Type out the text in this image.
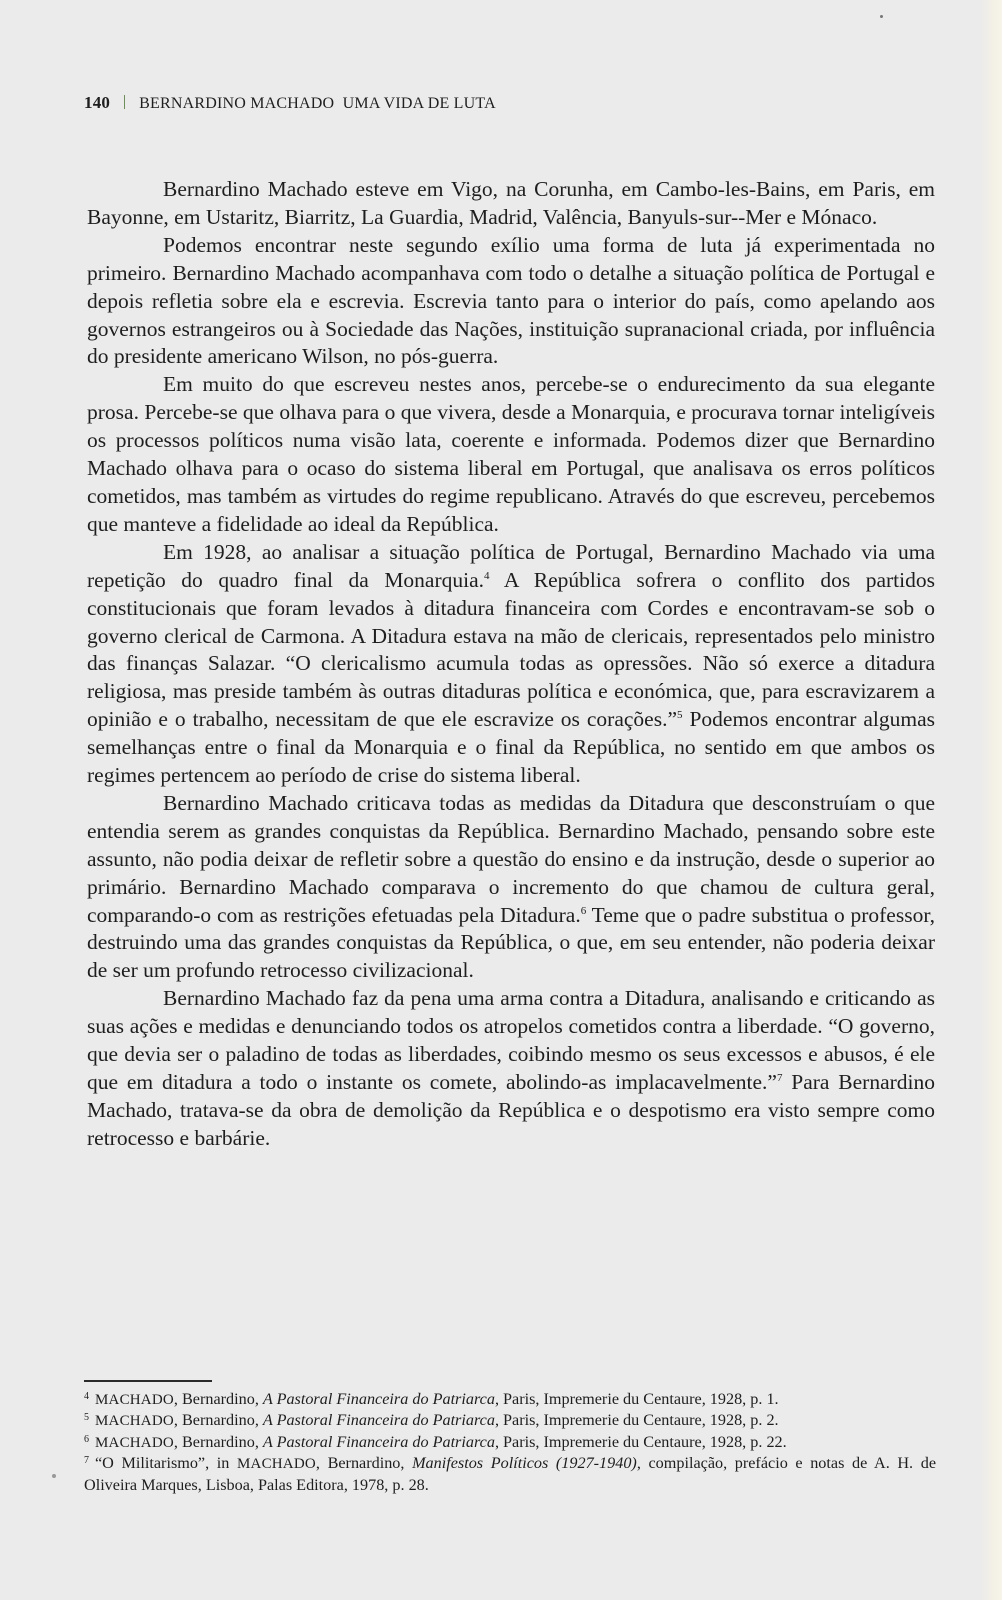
140 BERNARDINO MACHADO  UMA VIDA DE LUTA

Bernardino Machado esteve em Vigo, na Corunha, em Cambo-les-Bains, em Paris, em Bayonne, em Ustaritz, Biarritz, La Guardia, Madrid, Valência, Banyuls-sur--Mer e Mónaco.

Podemos encontrar neste segundo exílio uma forma de luta já experimentada no primeiro. Bernardino Machado acompanhava com todo o detalhe a situação política de Portugal e depois refletia sobre ela e escrevia. Escrevia tanto para o interior do país, como apelando aos governos estrangeiros ou à Sociedade das Nações, instituição supranacional criada, por influência do presidente americano Wilson, no pós-guerra.

Em muito do que escreveu nestes anos, percebe-se o endurecimento da sua elegante prosa. Percebe-se que olhava para o que vivera, desde a Monarquia, e procurava tornar inteligíveis os processos políticos numa visão lata, coerente e informada. Podemos dizer que Bernardino Machado olhava para o ocaso do sistema liberal em Portugal, que analisava os erros políticos cometidos, mas também as virtudes do regime republicano. Através do que escreveu, percebemos que manteve a fidelidade ao ideal da República.

Em 1928, ao analisar a situação política de Portugal, Bernardino Machado via uma repetição do quadro final da Monarquia.$^4$ A República sofrera o conflito dos partidos constitucionais que foram levados à ditadura financeira com Cordes e encontravam-se sob o governo clerical de Carmona. A Ditadura estava na mão de clericais, representados pelo ministro das finanças Salazar. “O clericalismo acumula todas as opressões. Não só exerce a ditadura religiosa, mas preside também às outras ditaduras política e económica, que, para escravizarem a opinião e o trabalho, necessitam de que ele escravize os corações.”$^5$ Podemos encontrar algumas semelhanças entre o final da Monarquia e o final da República, no sentido em que ambos os regimes pertencem ao período de crise do sistema liberal.

Bernardino Machado criticava todas as medidas da Ditadura que desconstruíam o que entendia serem as grandes conquistas da República. Bernardino Machado, pensando sobre este assunto, não podia deixar de refletir sobre a questão do ensino e da instrução, desde o superior ao primário. Bernardino Machado comparava o incremento do que chamou de cultura geral, comparando-o com as restrições efetuadas pela Ditadura.$^6$ Teme que o padre substitua o professor, destruindo uma das grandes conquistas da República, o que, em seu entender, não poderia deixar de ser um profundo retrocesso civilizacional.

Bernardino Machado faz da pena uma arma contra a Ditadura, analisando e criticando as suas ações e medidas e denunciando todos os atropelos cometidos contra a liberdade. “O governo, que devia ser o paladino de todas as liberdades, coibindo mesmo os seus excessos e abusos, é ele que em ditadura a todo o instante os comete, abolindo-as implacavelmente.”$^7$ Para Bernardino Machado, tratava-se da obra de demolição da República e o despotismo era visto sempre como retrocesso e barbárie.

$^4$ MACHADO, Bernardino, A Pastoral Financeira do Patriarca, Paris, Impremerie du Centaure, 1928, p. 1.

$^5$ MACHADO, Bernardino, A Pastoral Financeira do Patriarca, Paris, Impremerie du Centaure, 1928, p. 2.

$^6$ MACHADO, Bernardino, A Pastoral Financeira do Patriarca, Paris, Impremerie du Centaure, 1928, p. 22.

$^7$ “O Militarismo”, in MACHADO, Bernardino, Manifestos Políticos (1927-1940), compilação, prefácio e notas de A. H. de Oliveira Marques, Lisboa, Palas Editora, 1978, p. 28.
